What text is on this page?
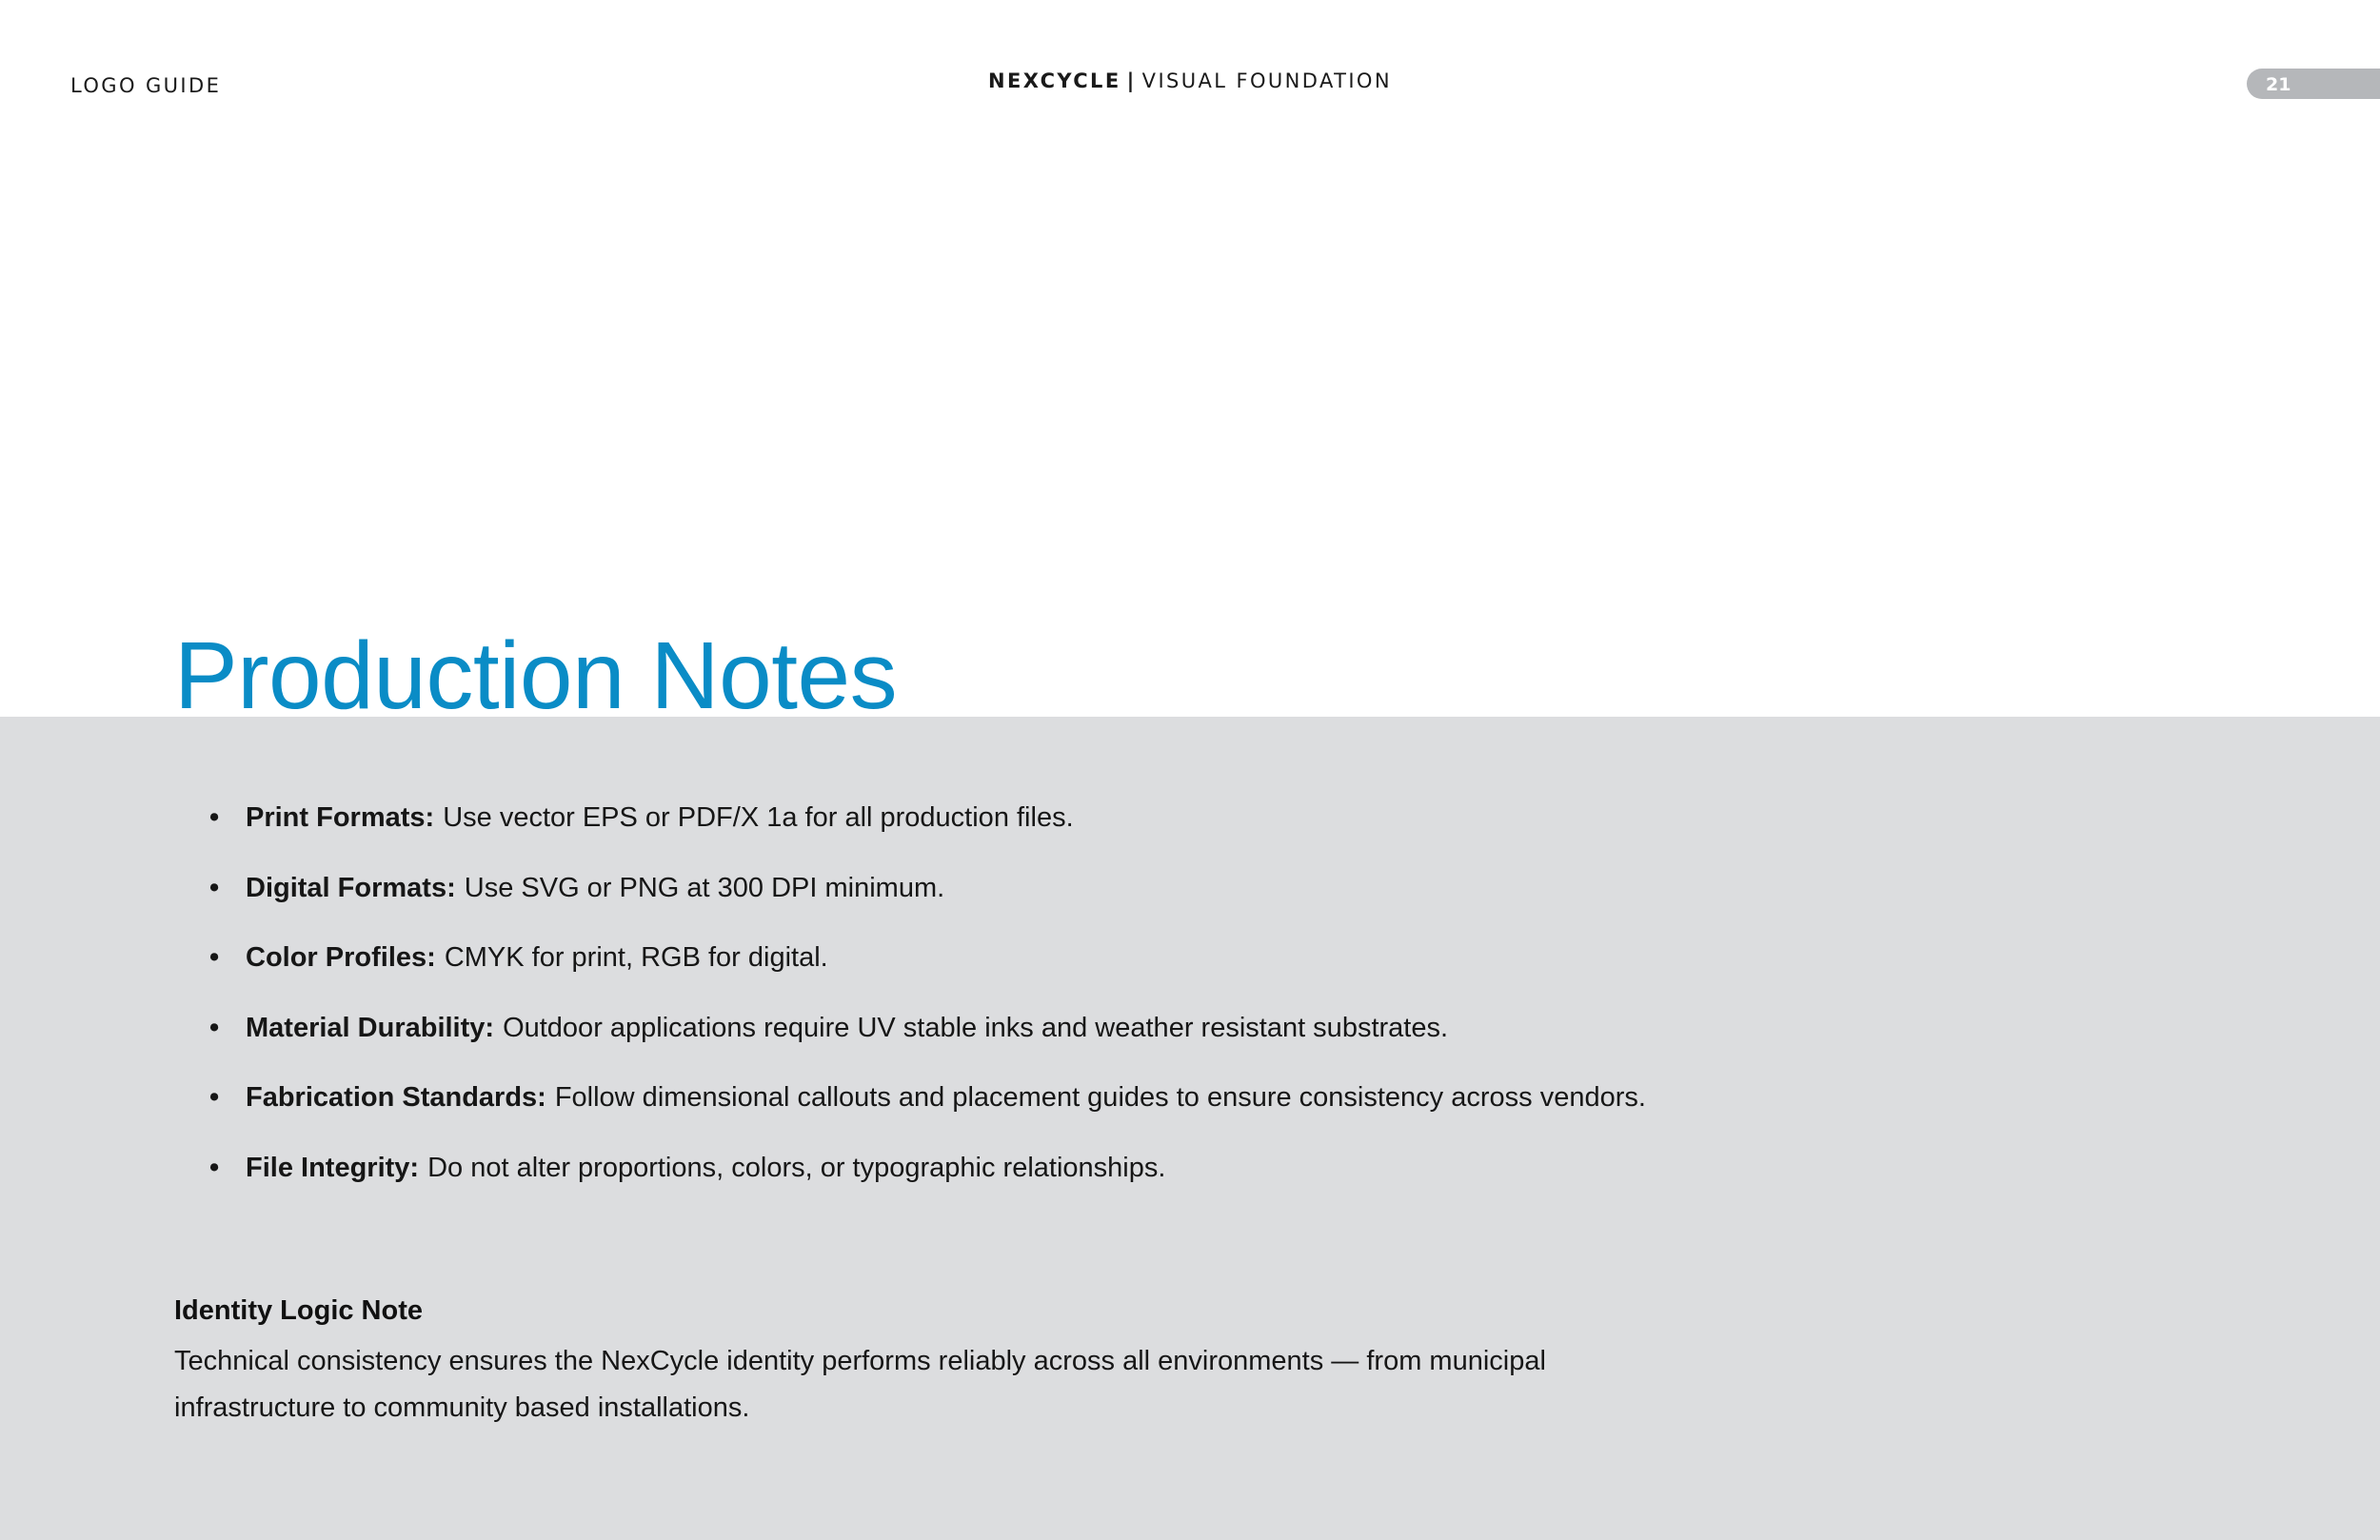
LOGO GUIDE	NEXCYCLE | VISUAL FOUNDATION	21
Production Notes
• Print Formats: Use vector EPS or PDF/X 1a for all production files.
• Digital Formats: Use SVG or PNG at 300 DPI minimum.
• Color Profiles: CMYK for print, RGB for digital.
• Material Durability: Outdoor applications require UV stable inks and weather resistant substrates.
• Fabrication Standards: Follow dimensional callouts and placement guides to ensure consistency across vendors.
• File Integrity: Do not alter proportions, colors, or typographic relationships.
Identity Logic Note
Technical consistency ensures the NexCycle identity performs reliably across all environments — from municipal infrastructure to community based installations.
